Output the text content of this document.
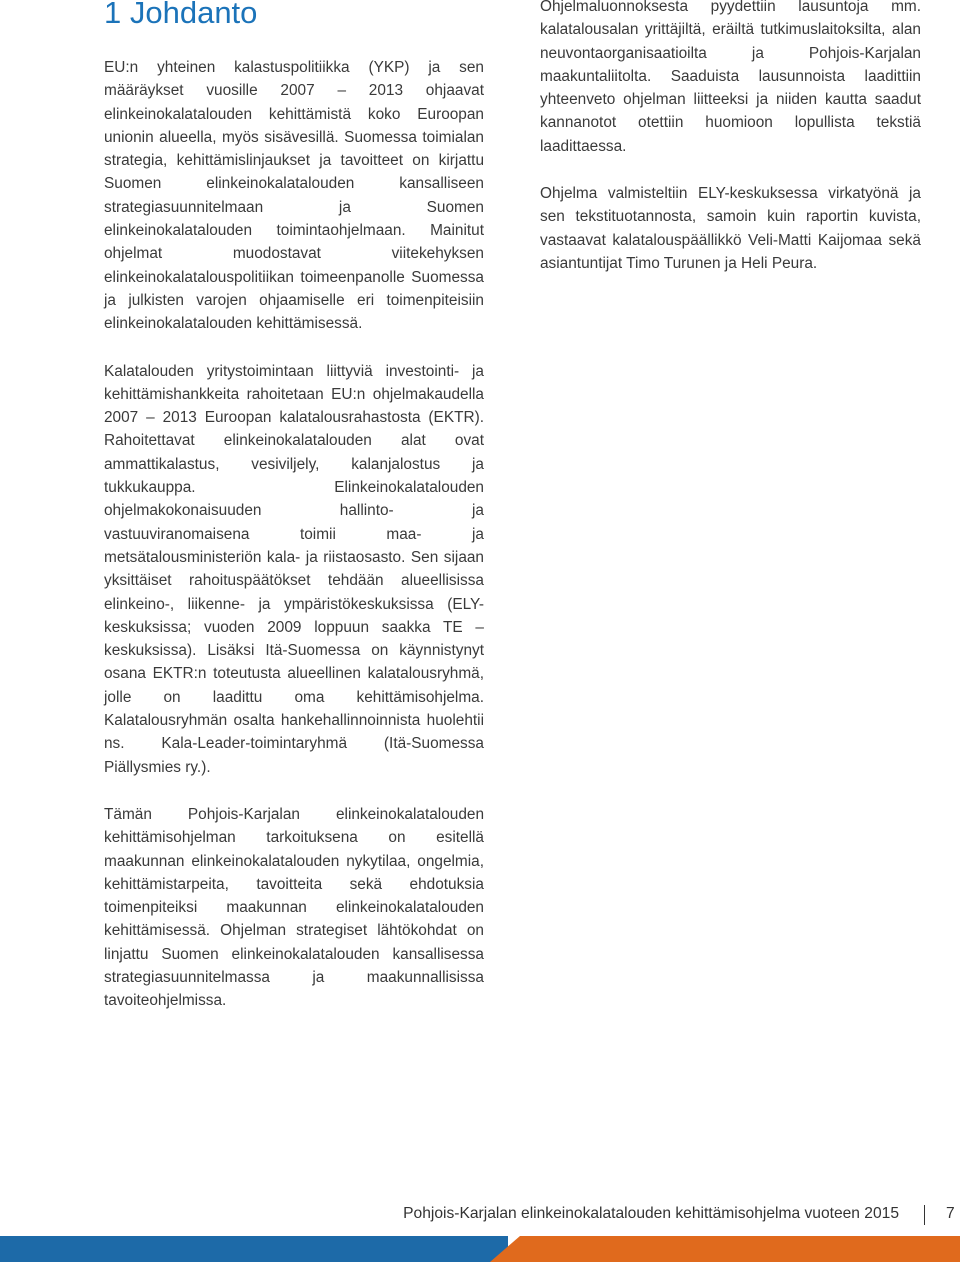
1 Johdanto

EU:n yhteinen kalastuspolitiikka (YKP) ja sen määräykset vuosille 2007 – 2013 ohjaavat elinkeinokalatalouden kehittämistä koko Euroopan unionin alueella, myös sisävesillä. Suomessa toimialan strategia, kehittämislinjaukset ja tavoitteet on kirjattu Suomen elinkeinokalatalouden kansalliseen strategiasuunnitelmaan ja Suomen elinkeinokalatalouden toimintaohjelmaan. Mainitut ohjelmat muodostavat viitekehyksen elinkeinokalatalouspolitiikan toimeenpanolle Suomessa ja julkisten varojen ohjaamiselle eri toimenpiteisiin elinkeinokalatalouden kehittämisessä.

Kalatalouden yritystoimintaan liittyviä investointi- ja kehittämishankkeita rahoitetaan EU:n ohjelmakaudella 2007 – 2013 Euroopan kalatalousrahastosta (EKTR). Rahoitettavat elinkeinokalatalouden alat ovat ammattikalastus, vesiviljely, kalanjalostus ja tukkukauppa. Elinkeinokalatalouden ohjelmakokonaisuuden hallinto- ja vastuuviranomaisena toimii maa- ja metsätalousministeriön kala- ja riistaosasto. Sen sijaan yksittäiset rahoituspäätökset tehdään alueellisissa elinkeino-, liikenne- ja ympäristökeskuksissa (ELY-keskuksissa; vuoden 2009 loppuun saakka TE – keskuksissa). Lisäksi Itä-Suomessa on käynnistynyt osana EKTR:n toteutusta alueellinen kalatalousryhmä, jolle on laadittu oma kehittämisohjelma. Kalatalousryhmän osalta hankehallinnoinnista huolehtii ns. Kala-Leader-toimintaryhmä (Itä-Suomessa Piällysmies ry.).

Tämän Pohjois-Karjalan elinkeinokalatalouden kehittämisohjelman tarkoituksena on esitellä maakunnan elinkeinokalatalouden nykytilaa, ongelmia, kehittämistarpeita, tavoitteita sekä ehdotuksia toimenpiteiksi maakunnan elinkeinokalatalouden kehittämisessä. Ohjelman strategiset lähtökohdat on linjattu Suomen elinkeinokalatalouden kansallisessa strategiasuunnitelmassa ja maakunnallisissa tavoiteohjelmissa.

Ohjelmaluonnoksesta pyydettiin lausuntoja mm. kalatalousalan yrittäjiltä, eräiltä tutkimuslaitoksilta, alan neuvontaorganisaatioilta ja Pohjois-Karjalan maakuntaliitolta. Saaduista lausunnoista laadittiin yhteenveto ohjelman liitteeksi ja niiden kautta saadut kannanotot otettiin huomioon lopullista tekstiä laadittaessa.

Ohjelma valmisteltiin ELY-keskuksessa virkatyönä ja sen tekstituotannosta, samoin kuin raportin kuvista, vastaavat kalatalouspäällikkö Veli-Matti Kaijomaa sekä asiantuntijat Timo Turunen ja Heli Peura.

Pohjois-Karjalan elinkeinokalatalouden kehittämisohjelma vuoteen 2015	7
